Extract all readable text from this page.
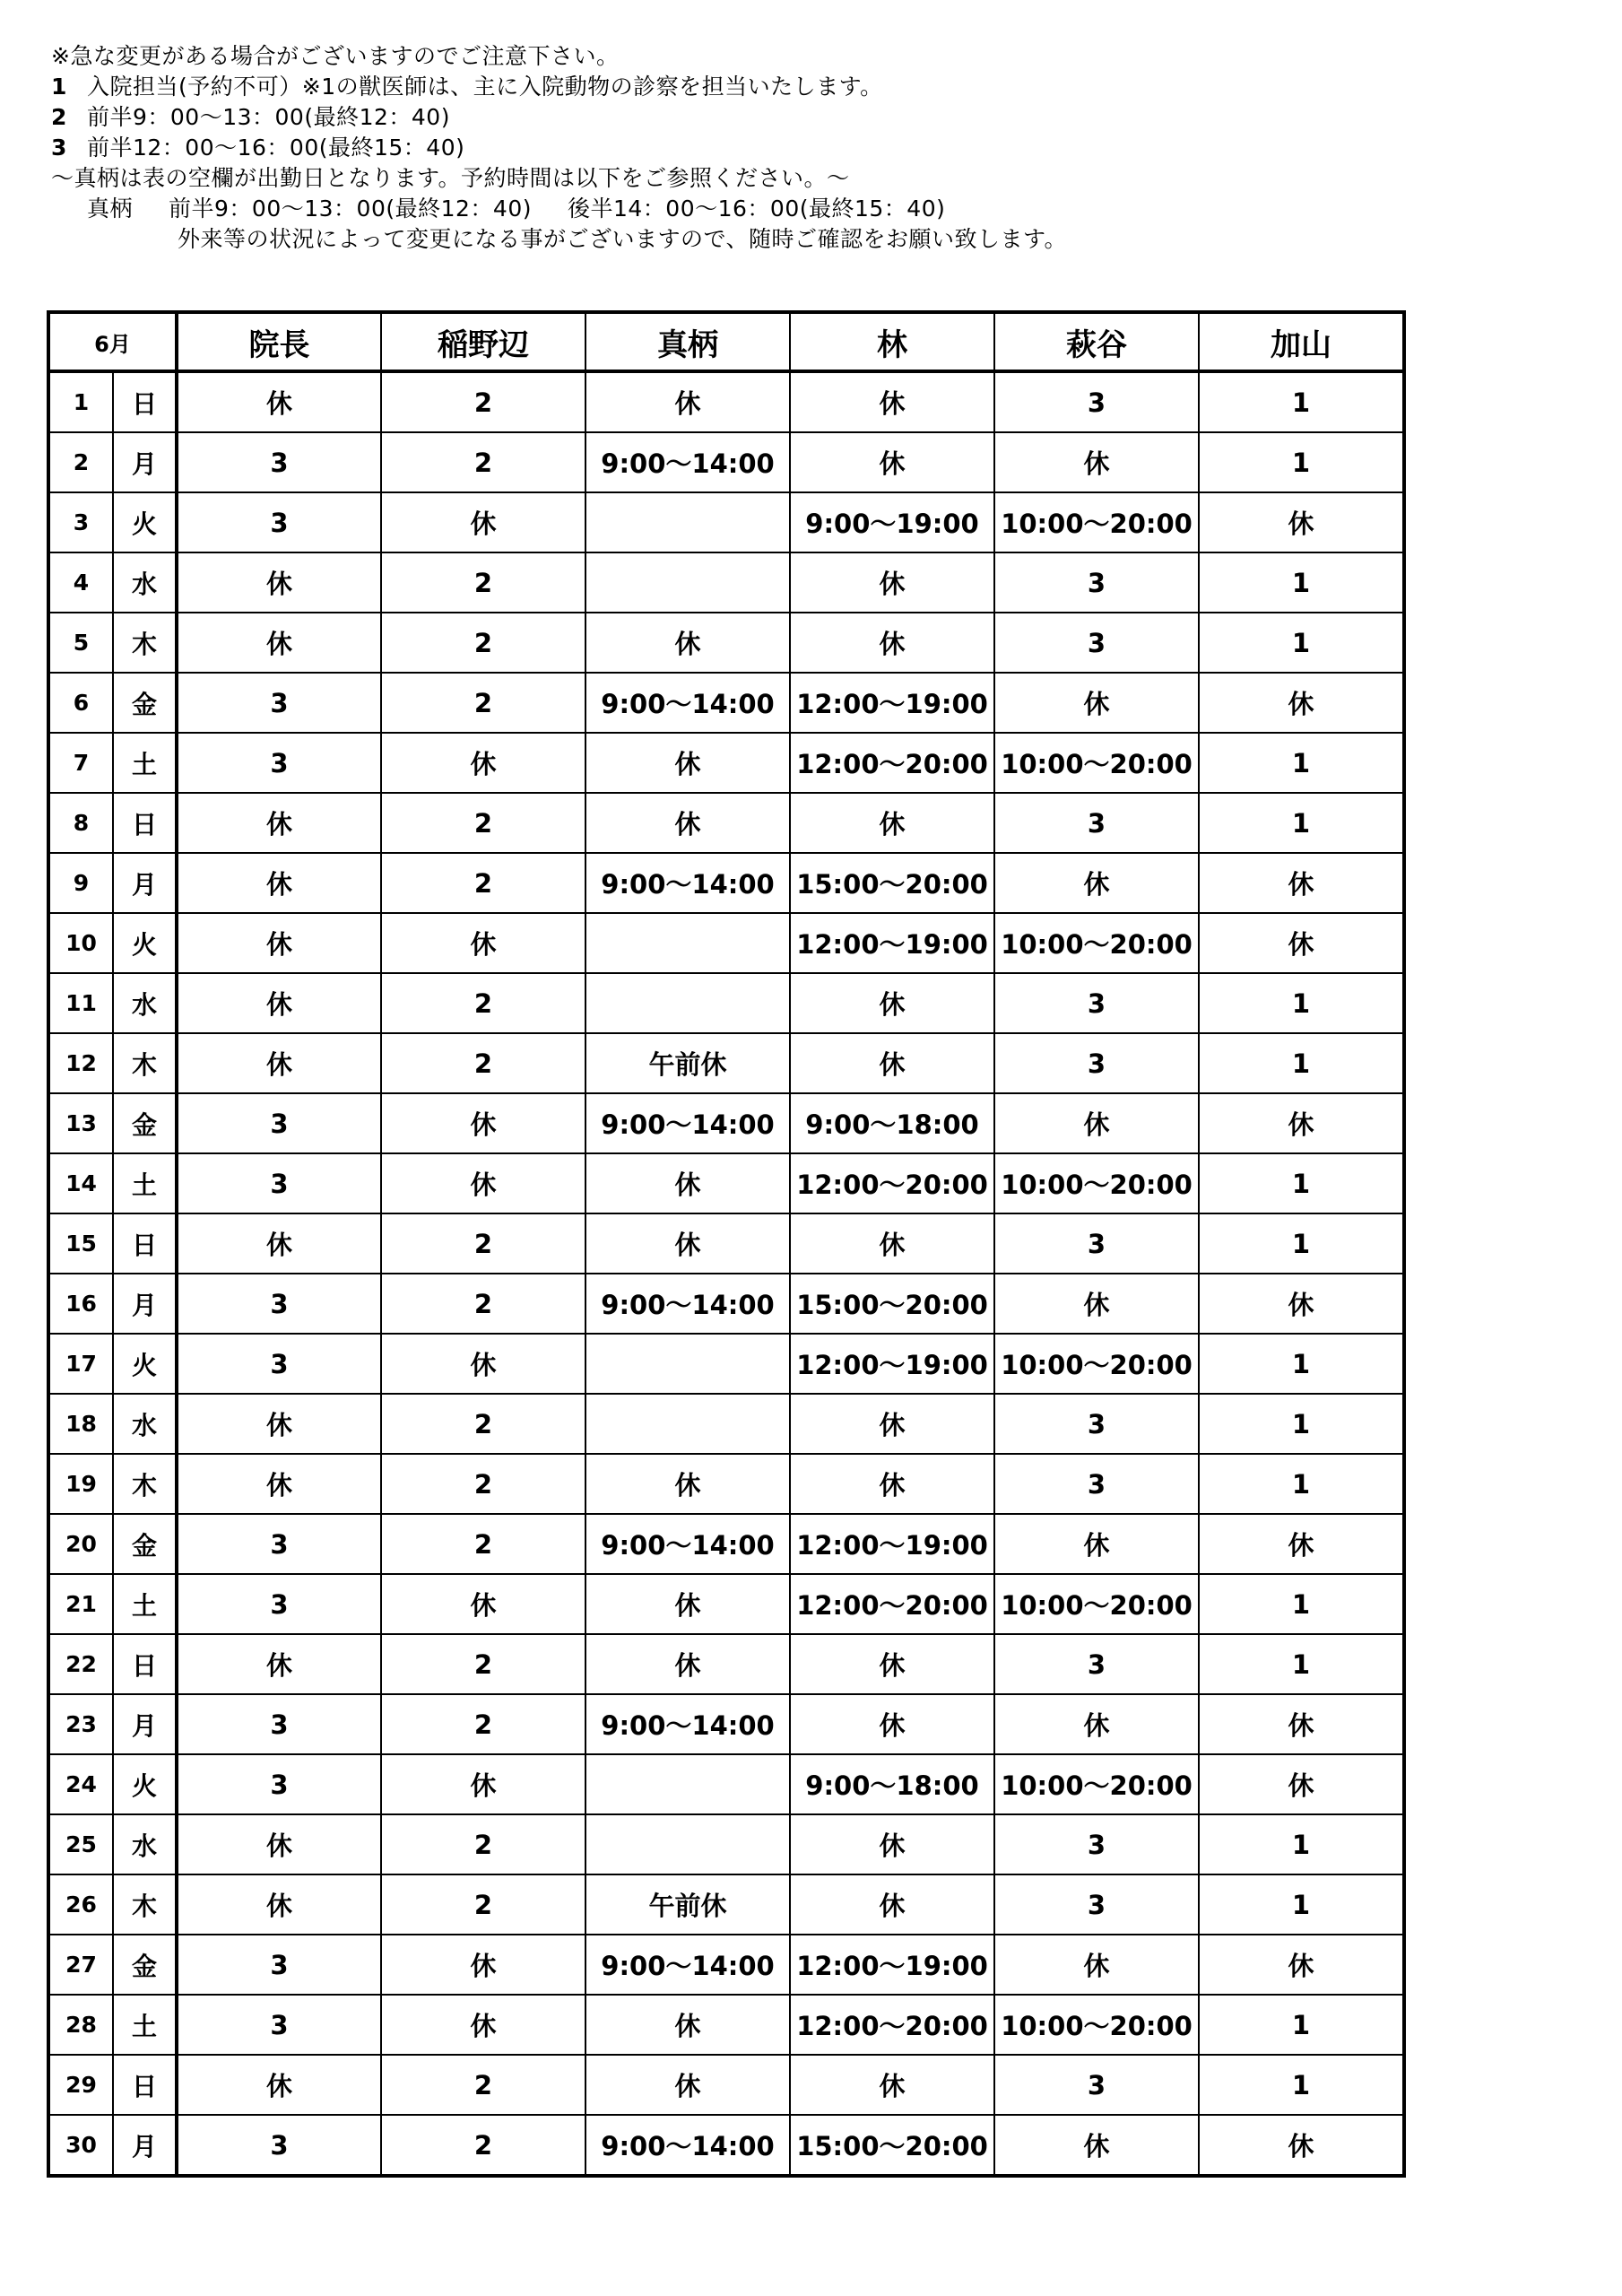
※急な変更がある場合がございますのでご注意下さい。
1 入院担当(予約不可）※1の獣医師は、主に入院動物の診察を担当いたします。
2 前半9：00～13：00(最終12：40)
3 前半12：00～16：00(最終15：40)
～真柄は表の空欄が出勤日となります。予約時間は以下をご参照ください。～
真柄 前半9：00～13：00(最終12：40) 後半14：00～16：00(最終15：40)
外来等の状況によって変更になる事がございますので、随時ご確認をお願い致します。
6月		院長	稲野辺	真柄	林	萩谷	加山
1	日	休	2	休	休	3	1
2	月	3	2	9:00～14:00	休	休	1
3	火	3	休		9:00～19:00	10:00～20:00	休
4	水	休	2		休	3	1
5	木	休	2	休	休	3	1
6	金	3	2	9:00～14:00	12:00～19:00	休	休
7	土	3	休	休	12:00～20:00	10:00～20:00	1
8	日	休	2	休	休	3	1
9	月	休	2	9:00～14:00	15:00～20:00	休	休
10	火	休	休		12:00～19:00	10:00～20:00	休
11	水	休	2		休	3	1
12	木	休	2	午前休	休	3	1
13	金	3	休	9:00～14:00	9:00～18:00	休	休
14	土	3	休	休	12:00～20:00	10:00～20:00	1
15	日	休	2	休	休	3	1
16	月	3	2	9:00～14:00	15:00～20:00	休	休
17	火	3	休		12:00～19:00	10:00～20:00	1
18	水	休	2		休	3	1
19	木	休	2	休	休	3	1
20	金	3	2	9:00～14:00	12:00～19:00	休	休
21	土	3	休	休	12:00～20:00	10:00～20:00	1
22	日	休	2	休	休	3	1
23	月	3	2	9:00～14:00	休	休	休
24	火	3	休		9:00～18:00	10:00～20:00	休
25	水	休	2		休	3	1
26	木	休	2	午前休	休	3	1
27	金	3	休	9:00～14:00	12:00～19:00	休	休
28	土	3	休	休	12:00～20:00	10:00～20:00	1
29	日	休	2	休	休	3	1
30	月	3	2	9:00～14:00	15:00～20:00	休	休
